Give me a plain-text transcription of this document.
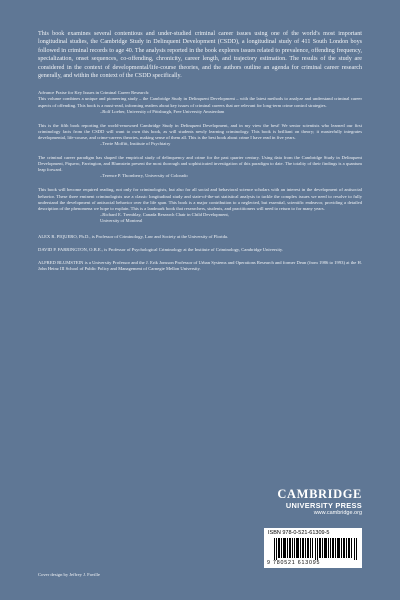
This book examines several contentious and under-studied criminal career issues using one of the world's most important longitudinal studies, the Cambridge Study in Delinquent Development (CSDD), a longitudinal study of 411 South London boys followed in criminal records to age 40. The analysis reported in the book explores issues related to prevalence, offending frequency, specialization, onset sequences, co-offending, chronicity, career length, and trajectory estimation. The results of the study are considered in the context of developmental/life-course theories, and the authors outline an agenda for criminal career research generally, and within the context of the CSDD specifically.

Advance Praise for Key Issues in Criminal Career Research:

This volume combines a unique and pioneering study – the Cambridge Study in Delinquent Development – with the latest methods to analyze and understand criminal career aspects of offending. This book is a must-read, informing readers about key issues of criminal careers that are relevant for long-term crime control strategies.

–Rolf Loeber, University of Pittsburgh, Free University Amsterdam

This is the fifth book reporting the world-renowned Cambridge Study in Delinquent Development, and in my view the best! We senior scientists who learned our first criminology facts from the CSDD will want to own this book, as will students newly learning criminology. This book is brilliant on theory; it masterfully integrates developmental, life-course, and crime-careers theories, making sense of them all. This is the best book about crime I have read in five years.

–Terrie Moffitt, Institute of Psychiatry

The criminal career paradigm has shaped the empirical study of delinquency and crime for the past quarter century. Using data from the Cambridge Study in Delinquent Development, Piquero, Farrington, and Blumstein present the most thorough and sophisticated investigation of this paradigm to date. The totality of their findings is a quantum leap forward.

–Terence P. Thornberry, University of Colorado

This book will become required reading, not only for criminologists, but also for all social and behavioral science scholars with an interest in the development of antisocial behavior. These three eminent criminologists use a classic longitudinal study and state-of-the-art statistical analysis to tackle the complex issues we need to resolve to fully understand the development of antisocial behavior over the life span. This book is a major contribution to a neglected, but essential, scientific endeavor, providing a detailed description of the phenomena we hope to explain. This is a landmark book that researchers, students, and practitioners will need to return to for many years.

–Richard E. Tremblay, Canada Research Chair in Child Development,

University of Montreal

ALEX R. PIQUERO, Ph.D., is Professor of Criminology, Law and Society at the University of Florida.

DAVID P. FARRINGTON, O.B.E., is Professor of Psychological Criminology at the Institute of Criminology, Cambridge University.

ALFRED BLUMSTEIN is a University Professor and the J. Erik Jonsson Professor of Urban Systems and Operations Research and former Dean (from 1986 to 1993) at the H. John Heinz III School of Public Policy and Management of Carnegie Mellon University.

CAMBRIDGE
UNIVERSITY PRESS
www.cambridge.org
ISBN 978-0-521-61309-5
9 780521 613095
Cover design by Jeffrey J. Faville
